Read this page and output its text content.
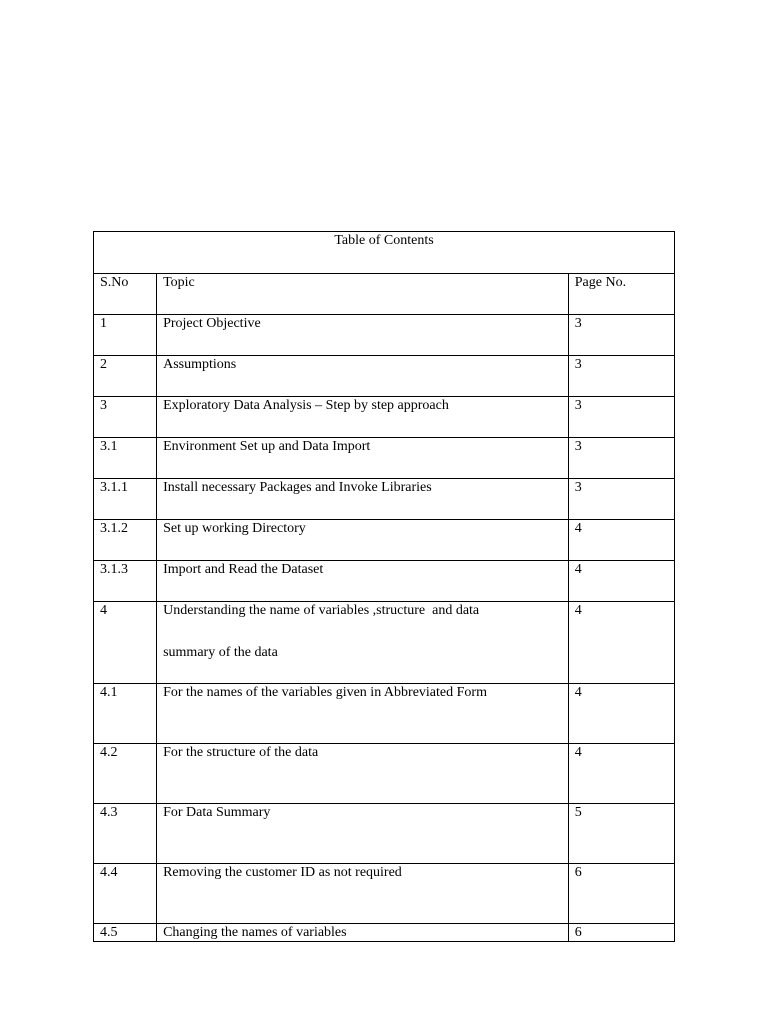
Table of Contents		
S.No	Topic	Page No.
1	Project Objective	3
2	Assumptions	3
3	Exploratory Data Analysis – Step by step approach	3
3.1	Environment Set up and Data Import	3
3.1.1	Install necessary Packages and Invoke Libraries	3
3.1.2	Set up working Directory	4
3.1.3	Import and Read the Dataset	4
4	Understanding the name of variables ,structure  and data summary of the data	4
4.1	For the names of the variables given in Abbreviated Form	4
4.2	For the structure of the data	4
4.3	For Data Summary	5
4.4	Removing the customer ID as not required	6
4.5	Changing the names of variables	6
